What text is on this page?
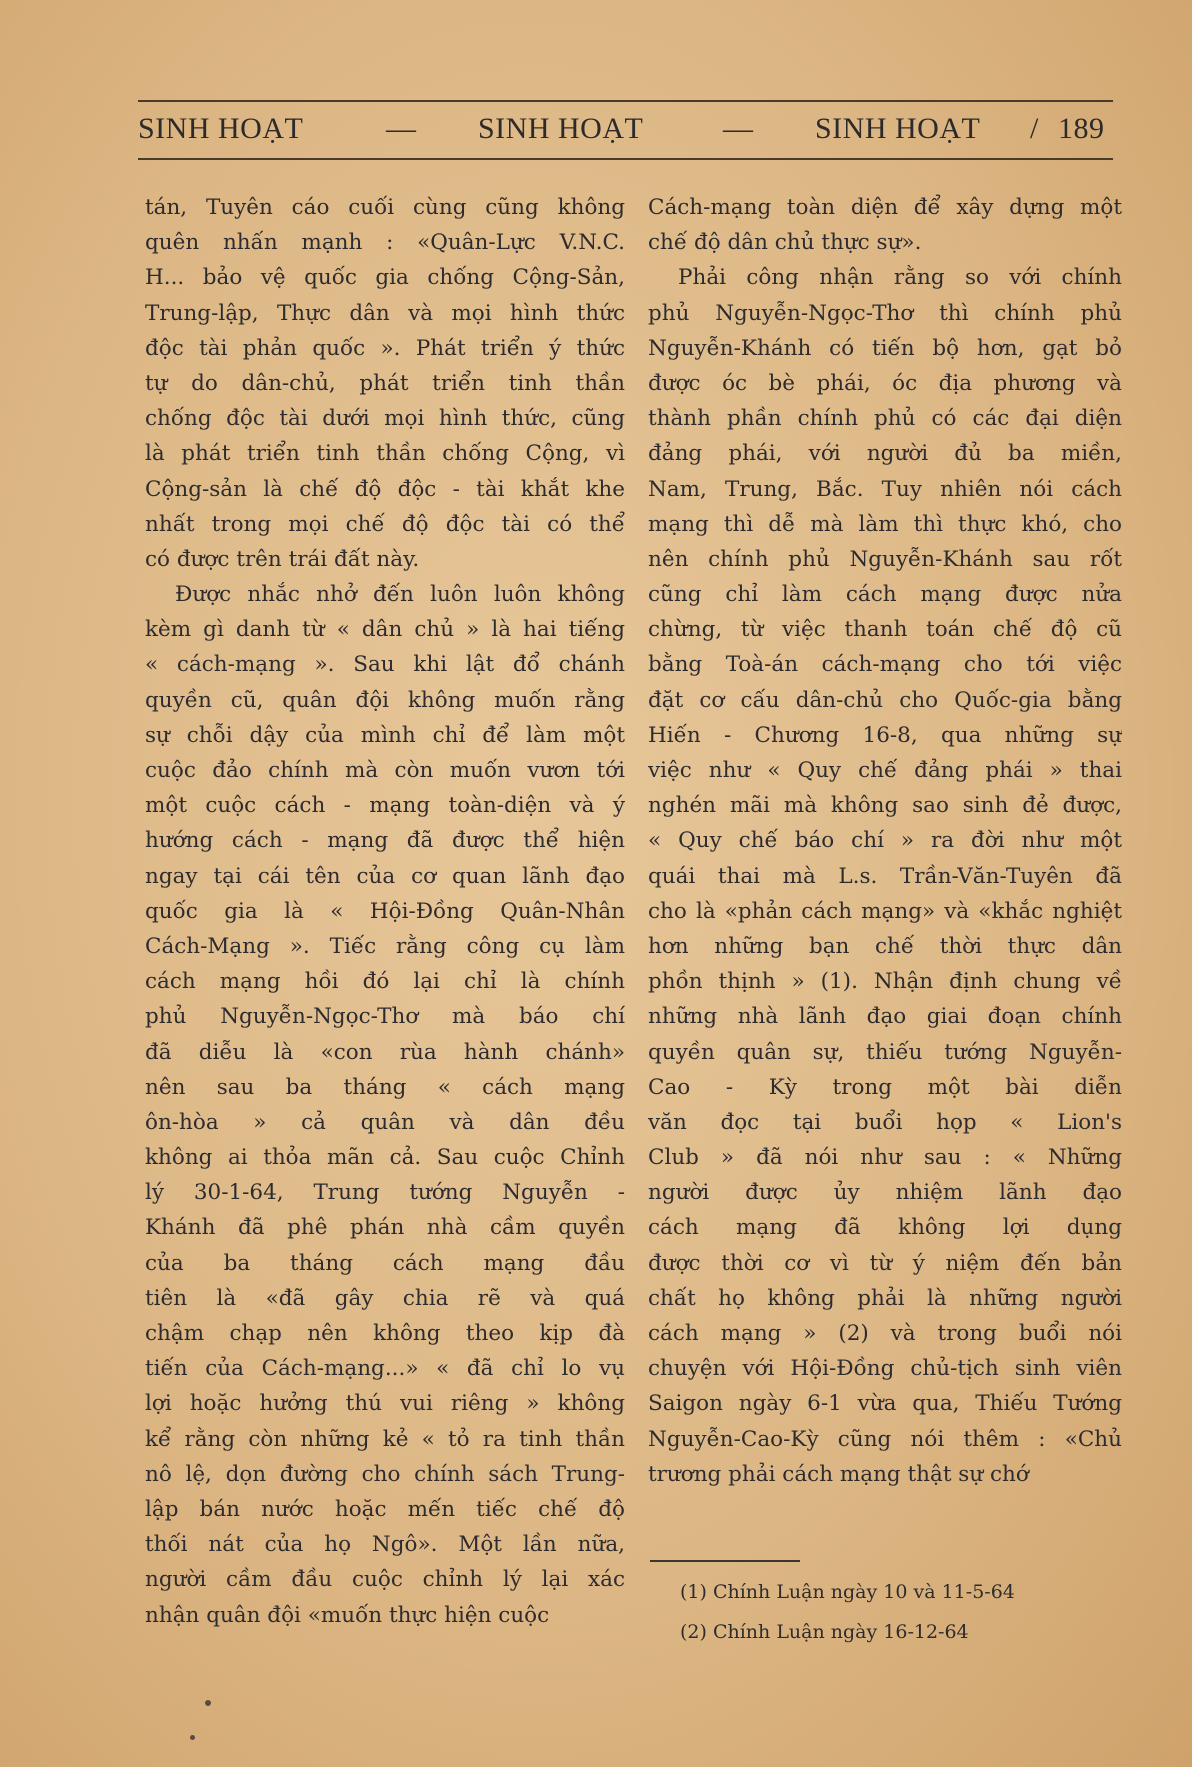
SINH HOẠT	— SINH HOẠT	— SINH HOẠT / 189
tán, Tuyên cáo cuối cùng cũng không
quên nhấn mạnh : «Quân-Lực V.N.C.
H... bảo vệ quốc gia chống Cộng-Sản,
Trung-lập, Thực dân và mọi hình thức
độc tài phản quốc ». Phát triển ý thức
tự do dân-chủ, phát triển tinh thần
chống độc tài dưới mọi hình thức, cũng
là phát triển tinh thần chống Cộng, vì
Cộng-sản là chế độ độc - tài khắt khe
nhất trong mọi chế độ độc tài có thể
có được trên trái đất này.
Được nhắc nhở đến luôn luôn không
kèm gì danh từ « dân chủ » là hai tiếng
« cách-mạng ». Sau khi lật đổ chánh
quyền cũ, quân đội không muốn rằng
sự chỗi dậy của mình chỉ để làm một
cuộc đảo chính mà còn muốn vươn tới
một cuộc cách - mạng toàn-diện và ý
hướng cách - mạng đã được thể hiện
ngay tại cái tên của cơ quan lãnh đạo
quốc gia là « Hội-Đồng Quân-Nhân
Cách-Mạng ». Tiếc rằng công cụ làm
cách mạng hồi đó lại chỉ là chính
phủ Nguyễn-Ngọc-Thơ mà báo chí
đã diễu là «con rùa hành chánh»
nên sau ba tháng « cách mạng
ôn-hòa » cả quân và dân đều
không ai thỏa mãn cả. Sau cuộc Chỉnh
lý 30-1-64, Trung tướng Nguyễn -
Khánh đã phê phán nhà cầm quyền
của ba tháng cách mạng đầu
tiên là «đã gây chia rẽ và quá
chậm chạp nên không theo kịp đà
tiến của Cách-mạng...» « đã chỉ lo vụ
lợi hoặc hưởng thú vui riêng » không
kể rằng còn những kẻ « tỏ ra tinh thần
nô lệ, dọn đường cho chính sách Trung-
lập bán nước hoặc mến tiếc chế độ
thối nát của họ Ngô». Một lần nữa,
người cầm đầu cuộc chỉnh lý lại xác
nhận quân đội «muốn thực hiện cuộc
Cách-mạng toàn diện để xây dựng một
chế độ dân chủ thực sự».
Phải công nhận rằng so với chính
phủ Nguyễn-Ngọc-Thơ thì chính phủ
Nguyễn-Khánh có tiến bộ hơn, gạt bỏ
được óc bè phái, óc địa phương và
thành phần chính phủ có các đại diện
đảng phái, với người đủ ba miền,
Nam, Trung, Bắc. Tuy nhiên nói cách
mạng thì dễ mà làm thì thực khó, cho
nên chính phủ Nguyễn-Khánh sau rốt
cũng chỉ làm cách mạng được nửa
chừng, từ việc thanh toán chế độ cũ
bằng Toà-án cách-mạng cho tới việc
đặt cơ cấu dân-chủ cho Quốc-gia bằng
Hiến - Chương 16-8, qua những sự
việc như « Quy chế đảng phái » thai
nghén mãi mà không sao sinh đẻ được,
« Quy chế báo chí » ra đời như một
quái thai mà L.s. Trần-Văn-Tuyên đã
cho là «phản cách mạng» và «khắc nghiệt
hơn những bạn chế thời thực dân
phồn thịnh » (1). Nhận định chung về
những nhà lãnh đạo giai đoạn chính
quyền quân sự, thiếu tướng Nguyễn-
Cao - Kỳ trong một bài diễn
văn đọc tại buổi họp « Lion's
Club » đã nói như sau : « Những
người được ủy nhiệm lãnh đạo
cách mạng đã không lợi dụng
được thời cơ vì từ ý niệm đến bản
chất họ không phải là những người
cách mạng » (2) và trong buổi nói
chuyện với Hội-Đồng chủ-tịch sinh viên
Saigon ngày 6-1 vừa qua, Thiếu Tướng
Nguyễn-Cao-Kỳ cũng nói thêm : «Chủ
trương phải cách mạng thật sự chớ
(1) Chính Luận ngày 10 và 11-5-64
(2) Chính Luận ngày 16-12-64
